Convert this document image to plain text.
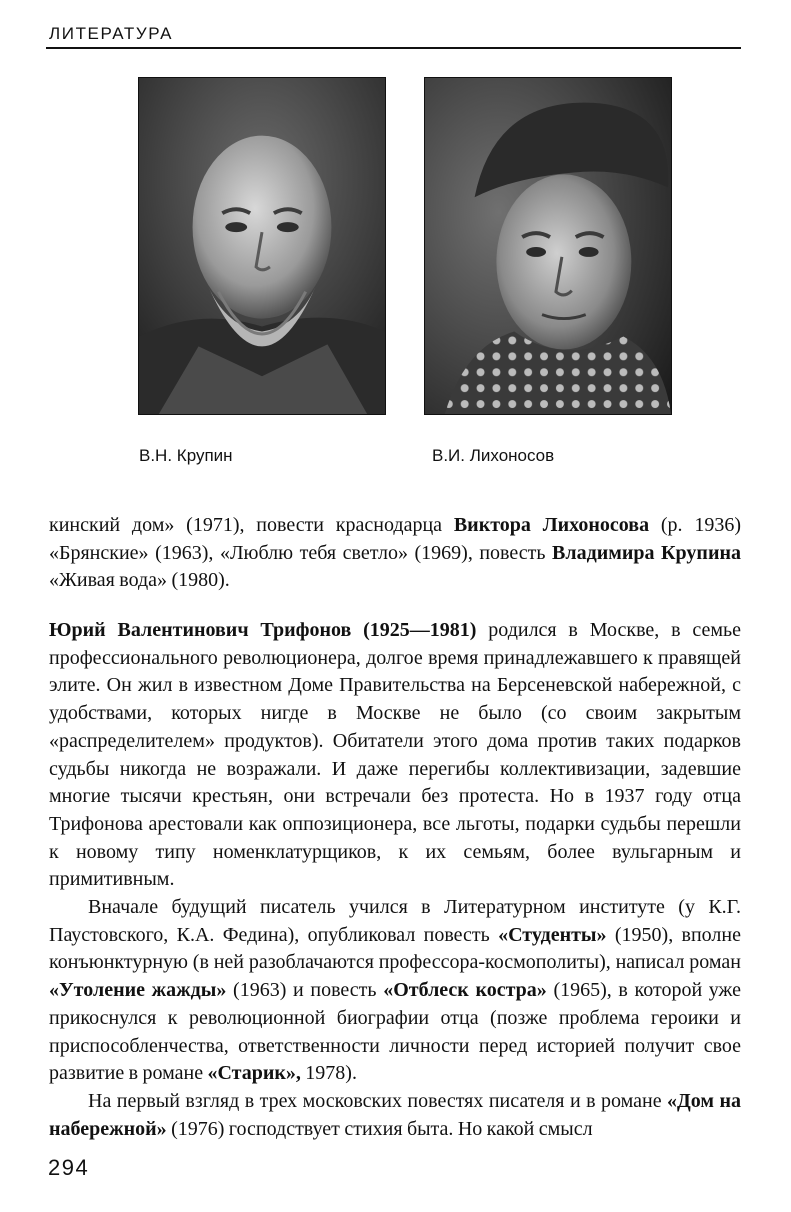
ЛИТЕРАТУРА
В.Н. Крупин	В.И. Лихоносов

кинский дом» (1971), повести краснодарца Виктора Лихоносова (р. 1936) «Брянские» (1963), «Люблю тебя светло» (1969), повесть Владимира Крупина «Живая вода» (1980).

Юрий Валентинович Трифонов (1925—1981) родился в Москве, в семье профессионального революционера, долгое время принадлежавшего к правящей элите. Он жил в известном Доме Правительства на Берсеневской набережной, с удобствами, которых нигде в Москве не было (со своим закрытым «распределителем» продуктов). Обитатели этого дома против таких подарков судьбы никогда не возражали. И даже перегибы коллективизации, задевшие многие тысячи крестьян, они встречали без протеста. Но в 1937 году отца Трифонова арестовали как оппозиционера, все льготы, подарки судьбы перешли к новому типу номенклатурщиков, к их семьям, более вульгарным и примитивным.

Вначале будущий писатель учился в Литературном институте (у К.Г. Паустовского, К.А. Федина), опубликовал повесть «Студенты» (1950), вполне конъюнктурную (в ней разоблачаются профессора-космополиты), написал роман «Утоление жажды» (1963) и повесть «Отблеск костра» (1965), в которой уже прикоснулся к революционной биографии отца (позже проблема героики и приспособленчества, ответственности личности перед историей получит свое развитие в романе «Старик», 1978).

На первый взгляд в трех московских повестях писателя и в романе «Дом на набережной» (1976) господствует стихия быта. Но какой смысл

294
